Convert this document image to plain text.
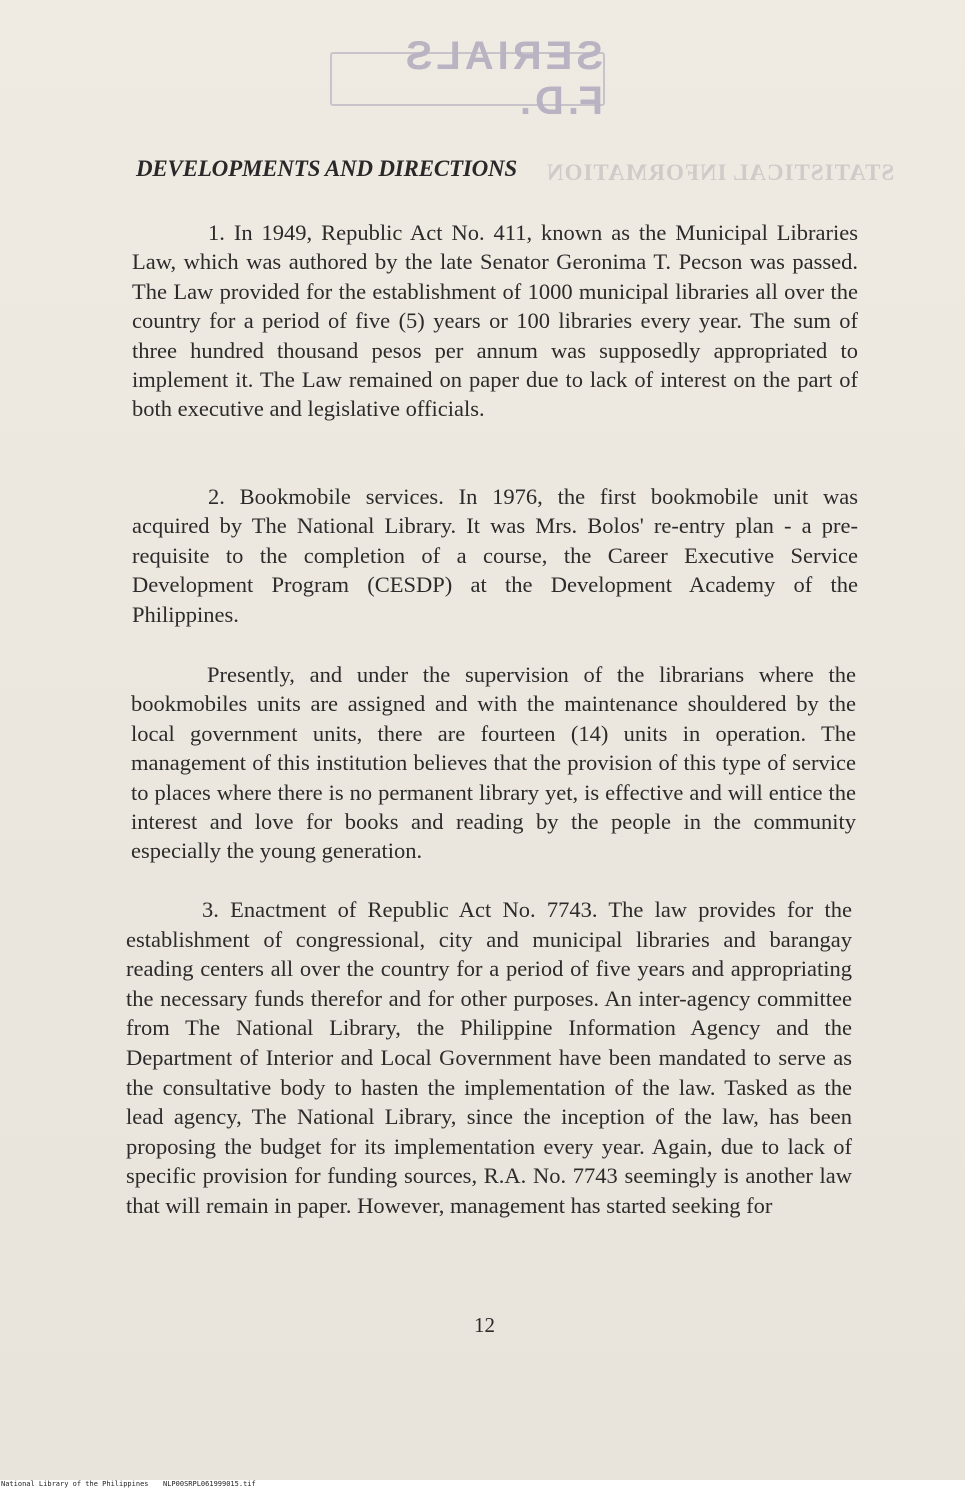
SERIALS F.D.
STATISTICAL INFORMATION
DEVELOPMENTS AND DIRECTIONS

1. In 1949, Republic Act No. 411, known as the Municipal Libraries Law, which was authored by the late Senator Geronima T. Pecson was passed. The Law provided for the establishment of 1000 municipal libraries all over the country for a period of five (5) years or 100 libraries every year. The sum of three hundred thousand pesos per annum was supposedly appropriated to implement it. The Law remained on paper due to lack of interest on the part of both executive and legislative officials.

2. Bookmobile services. In 1976, the first bookmobile unit was acquired by The National Library. It was Mrs. Bolos' re-entry plan - a pre-requisite to the completion of a course, the Career Executive Service Development Program (CESDP) at the Development Academy of the Philippines.

Presently, and under the supervision of the librarians where the bookmobiles units are assigned and with the maintenance shouldered by the local government units, there are fourteen (14) units in operation. The management of this institution believes that the provision of this type of service to places where there is no permanent library yet, is effective and will entice the interest and love for books and reading by the people in the community especially the young generation.

3. Enactment of Republic Act No. 7743. The law provides for the establishment of congressional, city and municipal libraries and barangay reading centers all over the country for a period of five years and appropriating the necessary funds therefor and for other purposes. An inter-agency committee from The National Library, the Philippine Information Agency and the Department of Interior and Local Government have been mandated to serve as the consultative body to hasten the implementation of the law. Tasked as the lead agency, The National Library, since the inception of the law, has been proposing the budget for its implementation every year. Again, due to lack of specific provision for funding sources, R.A. No. 7743 seemingly is another law that will remain in paper. However, management has started seeking for

12
National Library of the Philippines NLP00SRPL061999015.tif
